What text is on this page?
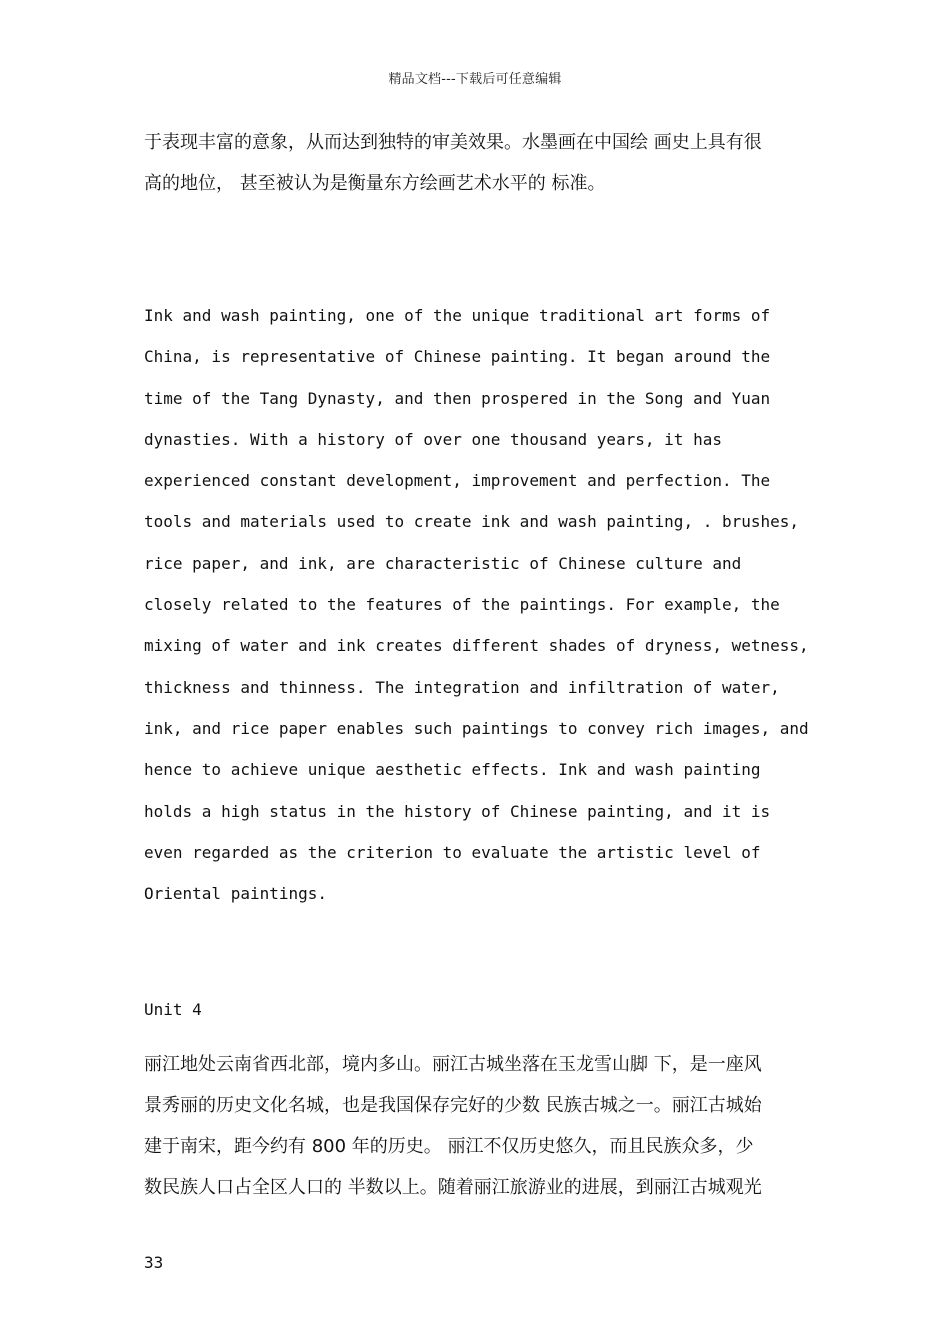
精品文档---下载后可任意编辑
于表现丰富的意象，从而达到独特的审美效果。水墨画在中国绘 画史上具有很
高的地位， 甚至被认为是衡量东方绘画艺术水平的 标准。
Ink and wash painting, one of the unique traditional art forms of
China, is representative of Chinese painting. It began around the
time of the Tang Dynasty, and then prospered in the Song and Yuan
dynasties. With a history of over one thousand years, it has
experienced constant development, improvement and perfection. The
tools and materials used to create ink and wash painting, . brushes,
rice paper, and ink, are characteristic of Chinese culture and
closely related to the features of the paintings. For example, the
mixing of water and ink creates different shades of dryness, wetness,
thickness and thinness. The integration and infiltration of water,
ink, and rice paper enables such paintings to convey rich images, and
hence to achieve unique aesthetic effects. Ink and wash painting
holds a high status in the history of Chinese painting, and it is
even regarded as the criterion to evaluate the artistic level of
Oriental paintings.
Unit 4
丽江地处云南省西北部，境内多山。丽江古城坐落在玉龙雪山脚 下，是一座风
景秀丽的历史文化名城，也是我国保存完好的少数 民族古城之一。丽江古城始
建于南宋，距今约有 800 年的历史。 丽江不仅历史悠久，而且民族众多，少
数民族人口占全区人口的 半数以上。随着丽江旅游业的进展，到丽江古城观光
33
